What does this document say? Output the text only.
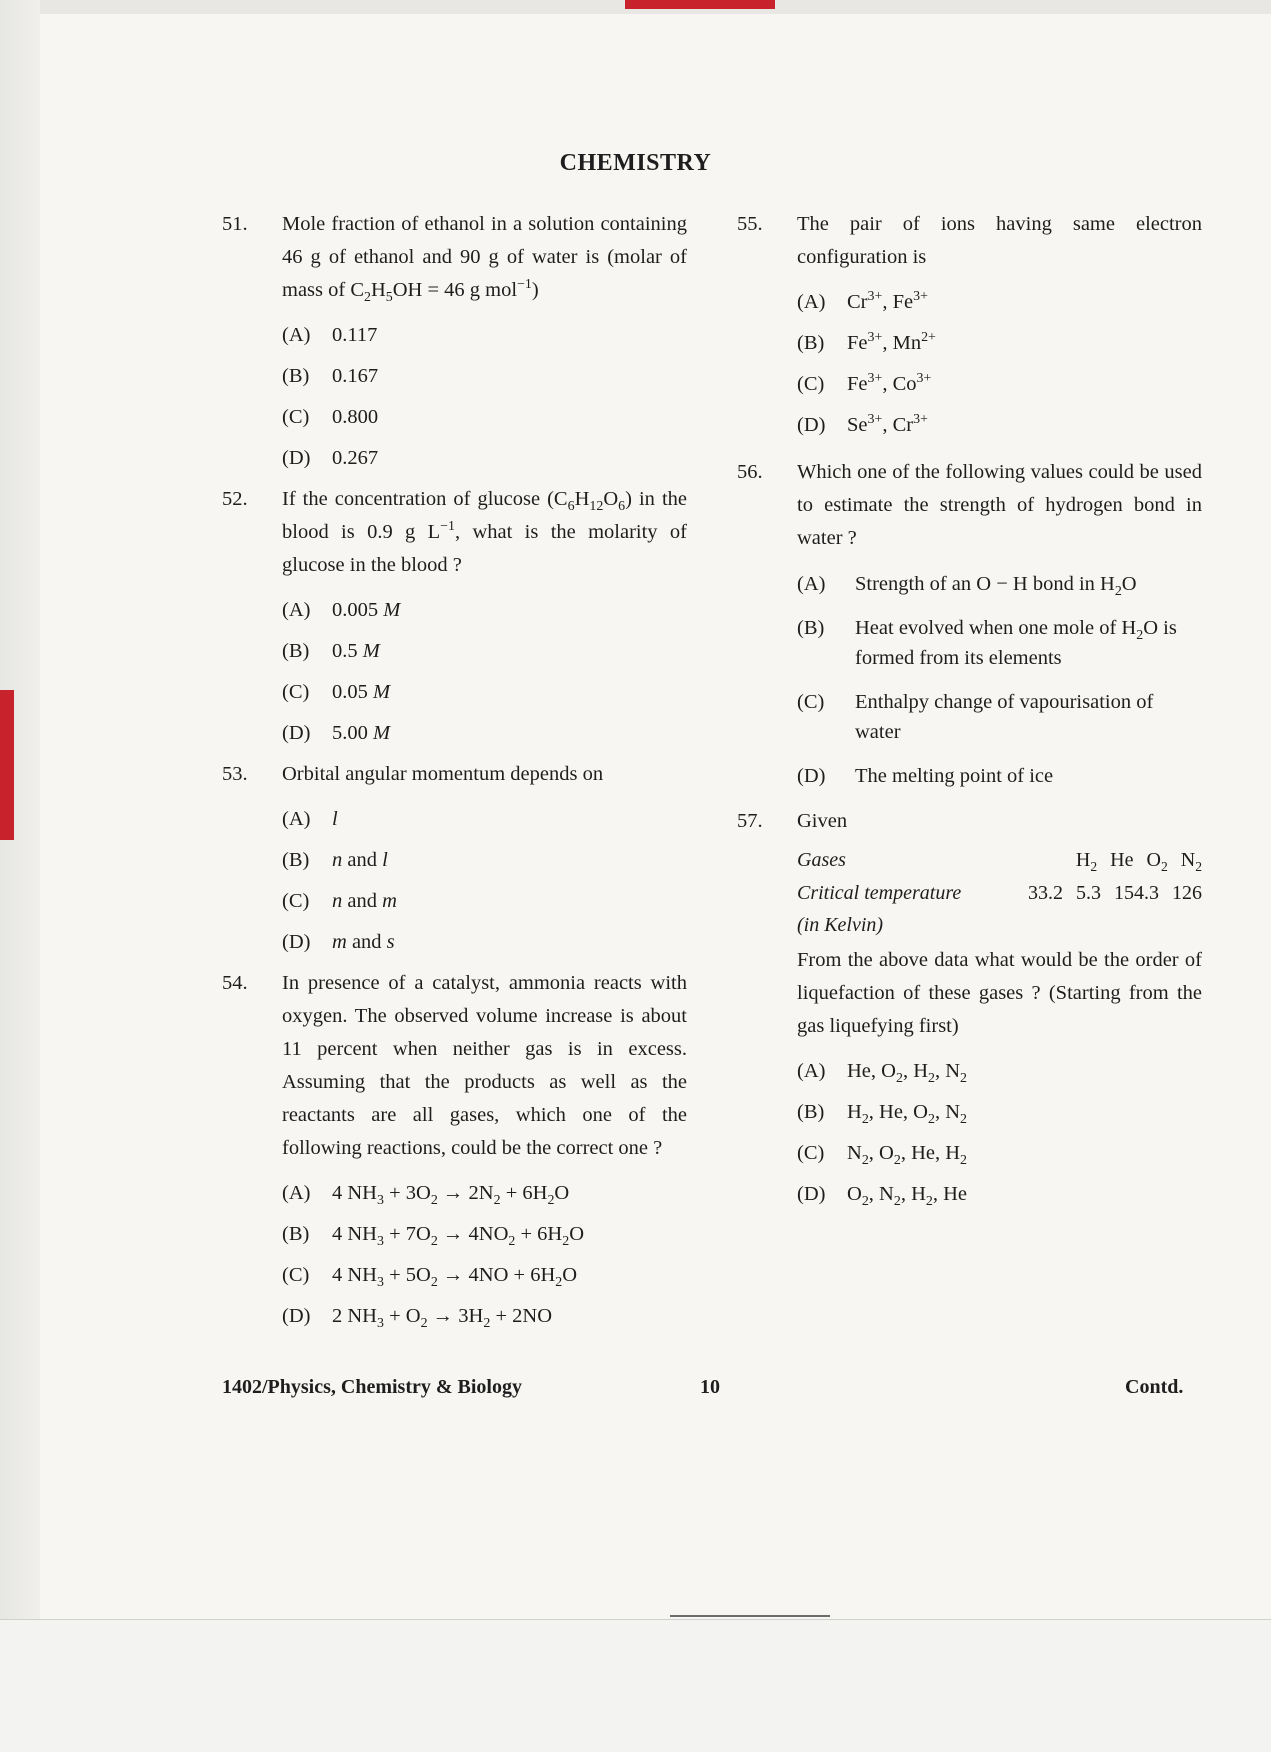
CHEMISTRY
51. Mole fraction of ethanol in a solution containing 46 g of ethanol and 90 g of water is (molar of mass of $C_2H_5OH = 46$ g mol$^{-1}$)
(A) 0.117
(B) 0.167
(C) 0.800
(D) 0.267
52. If the concentration of glucose $(C_6H_{12}O_6)$ in the blood is 0.9 g $L^{-1}$, what is the molarity of glucose in the blood ?
(A) 0.005 M
(B) 0.5 M
(C) 0.05 M
(D) 5.00 M
53. Orbital angular momentum depends on
(A) l
(B) n and l
(C) n and m
(D) m and s
54. In presence of a catalyst, ammonia reacts with oxygen. The observed volume increase is about 11 percent when neither gas is in excess. Assuming that the products as well as the reactants are all gases, which one of the following reactions, could be the correct one ?
(A) 4 $NH_3 + 3O_2 \to 2N_2 + 6H_2O$
(B) 4 $NH_3 + 7O_2 \to 4NO_2 + 6H_2O$
(C) 4 $NH_3 + 5O_2 \to 4NO + 6H_2O$
(D) 2 $NH_3 + O_2 \to 3H_2 + 2NO$
55. The pair of ions having same electron configuration is
(A) $Cr^{3+}$, $Fe^{3+}$
(B) $Fe^{3+}$, $Mn^{2+}$
(C) $Fe^{3+}$, $Co^{3+}$
(D) $Se^{3+}$, $Cr^{3+}$
56. Which one of the following values could be used to estimate the strength of hydrogen bond in water ?
(A)	Strength of an O − H bond in $H_2O$
(B)	Heat evolved when one mole of $H_2O$ is formed from its elements
(C)	Enthalpy change of vapourisation of water
(D)	The melting point of ice
57. Given
Gases	$H_2$ He $O_2$ $N_2$
Critical temperature	33.2 5.3 154.3 126
(in Kelvin)
From the above data what would be the order of liquefaction of these gases ? (Starting from the gas liquefying first)
(A) He, $O_2$, $H_2$, $N_2$
(B) $H_2$, He, $O_2$, $N_2$
(C) $N_2$, $O_2$, He, $H_2$
(D) $O_2$, $N_2$, $H_2$, He
1402/Physics, Chemistry & Biology	10	Contd.
